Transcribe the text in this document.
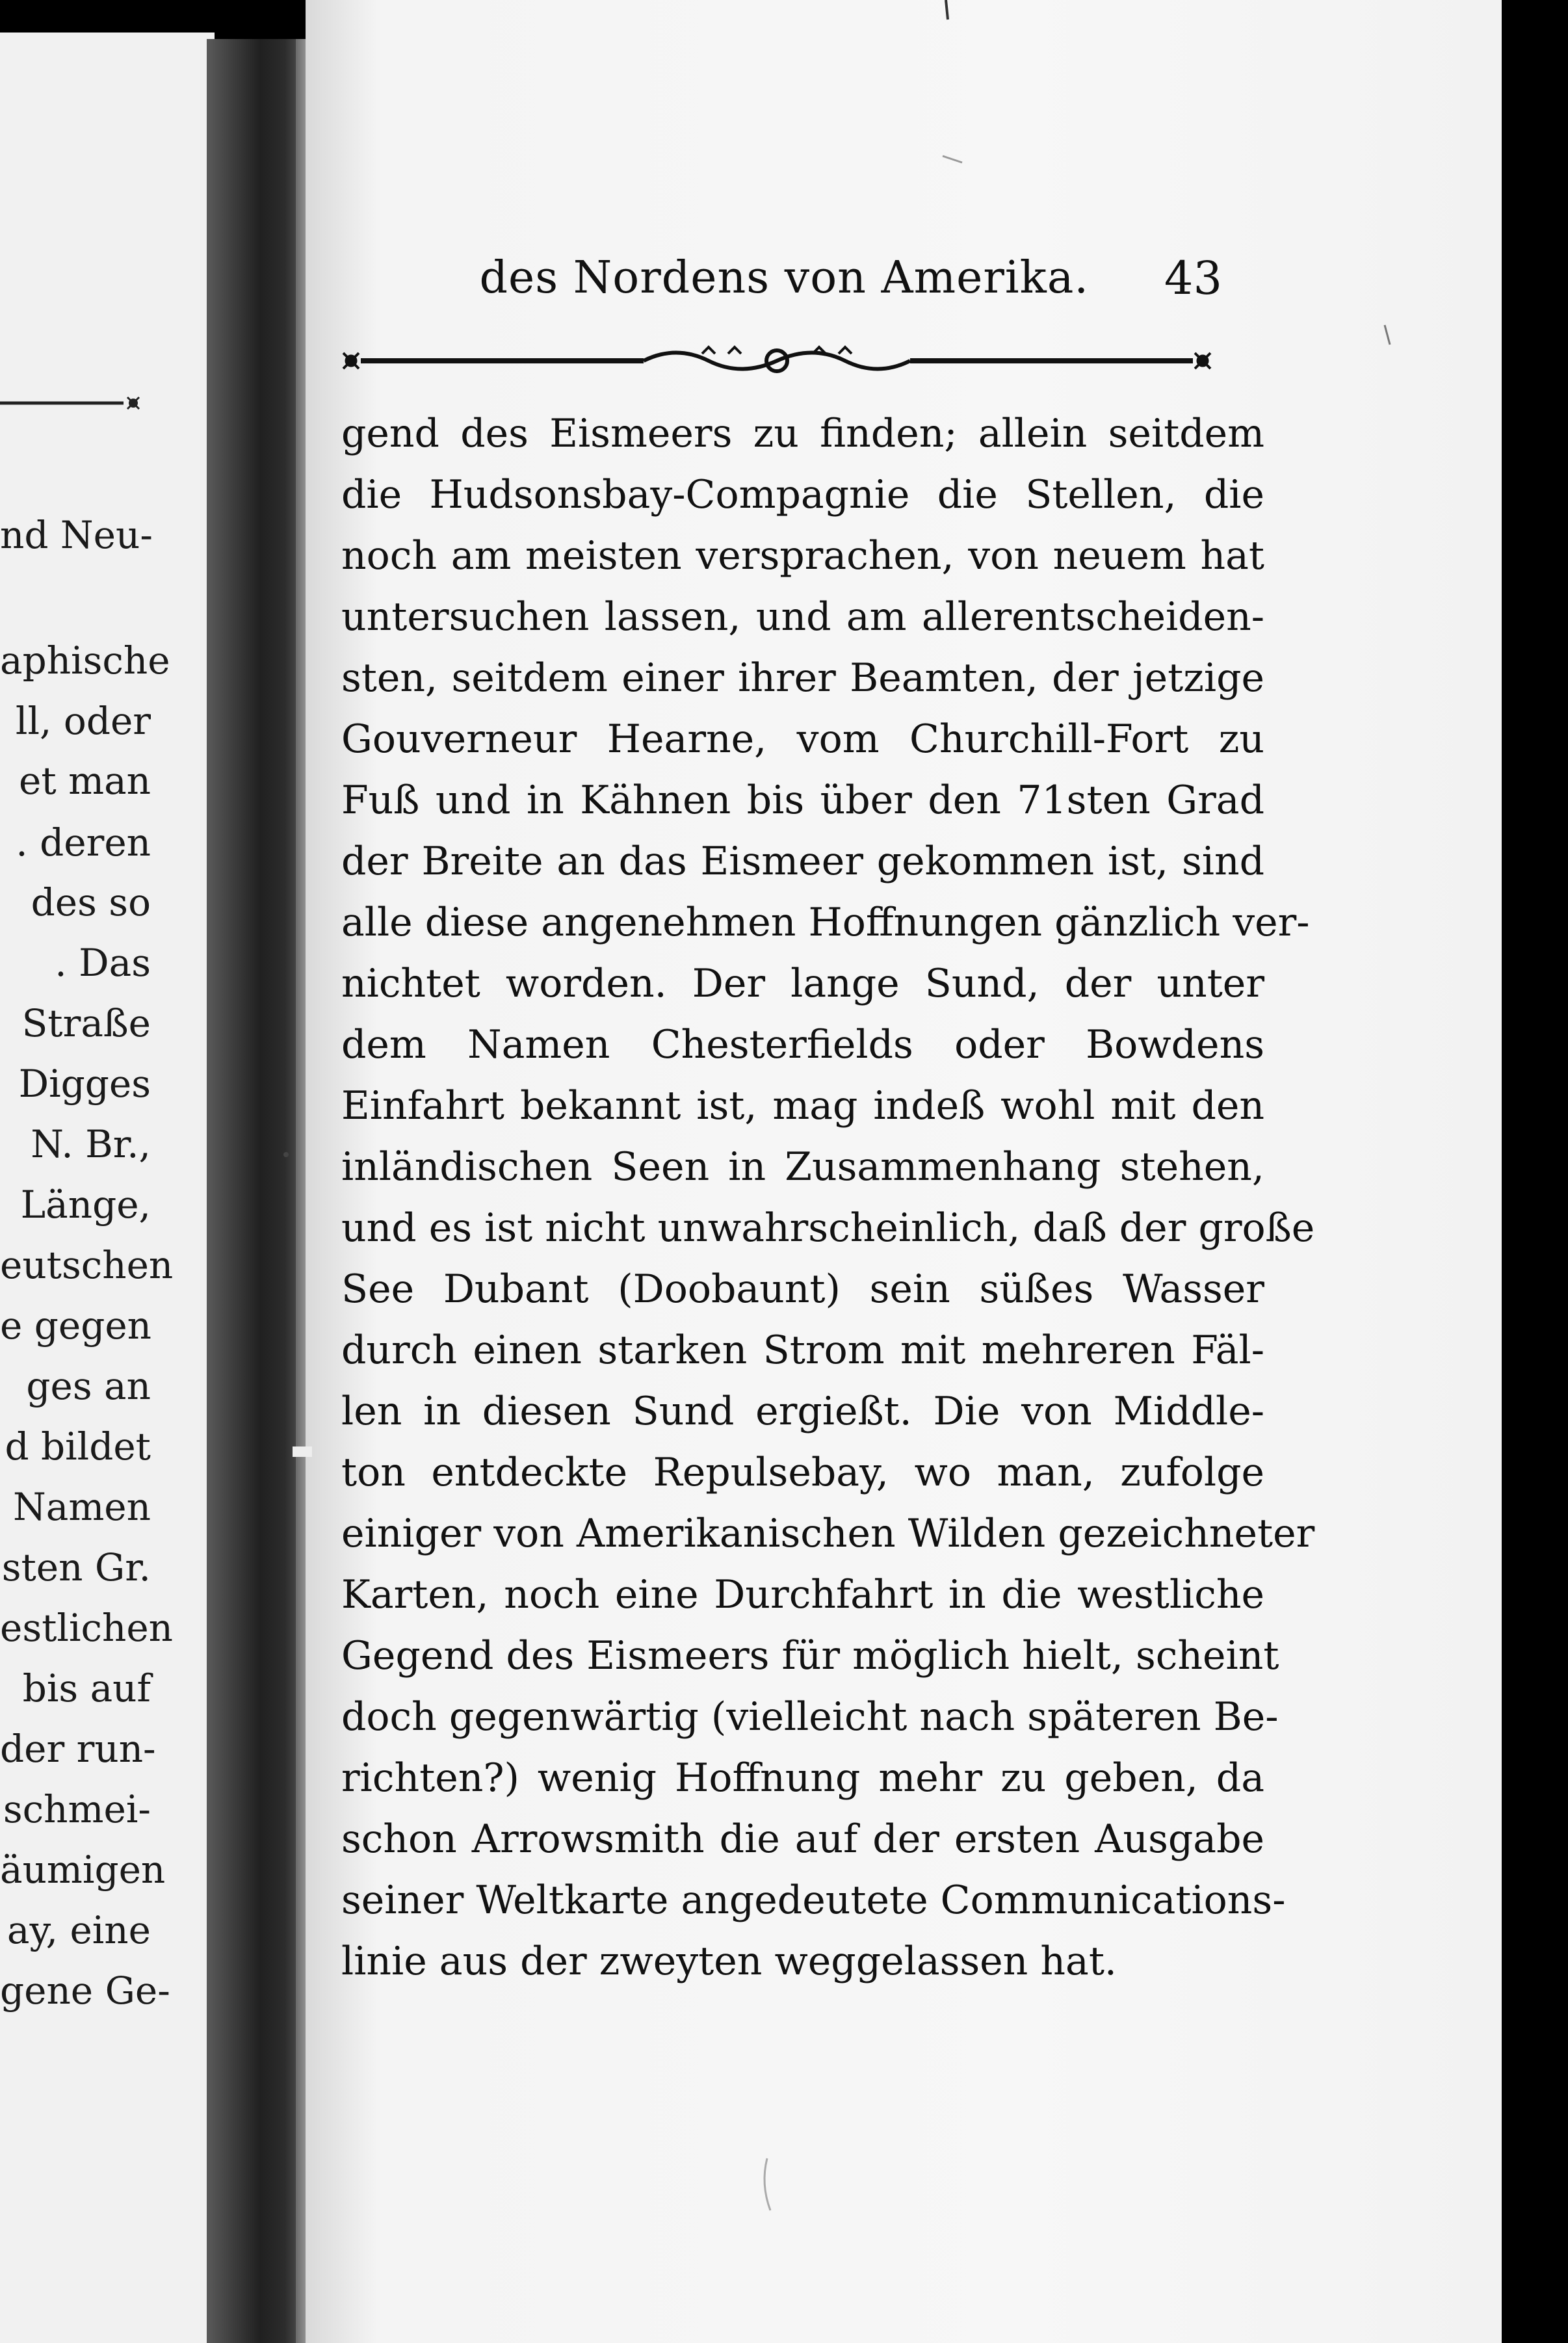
nd Neu-
aphische
ll, oder
et man
. deren
des so
. Das
Straße
Digges
N. Br.,
Länge,
eutschen
e gegen
ges an
d bildet
Namen
sten Gr.
estlichen
bis auf
der run-
schmei-
äumigen
ay, eine
gene Ge-
des Nordens von Amerika.	43
gend des Eismeers zu finden; allein seitdem
die Hudsonsbay-Compagnie die Stellen, die
noch am meisten versprachen, von neuem hat
untersuchen lassen, und am allerentscheiden-
sten, seitdem einer ihrer Beamten, der jetzige
Gouverneur Hearne, vom Churchill-Fort zu
Fuß und in Kähnen bis über den 71sten Grad
der Breite an das Eismeer gekommen ist, sind
alle diese angenehmen Hoffnungen gänzlich ver-
nichtet worden. Der lange Sund, der unter
dem Namen Chesterfields oder Bowdens
Einfahrt bekannt ist, mag indeß wohl mit den
inländischen Seen in Zusammenhang stehen,
und es ist nicht unwahrscheinlich, daß der große
See Dubant (Doobaunt) sein süßes Wasser
durch einen starken Strom mit mehreren Fäl-
len in diesen Sund ergießt. Die von Middle-
ton entdeckte Repulsebay, wo man, zufolge
einiger von Amerikanischen Wilden gezeichneter
Karten, noch eine Durchfahrt in die westliche
Gegend des Eismeers für möglich hielt, scheint
doch gegenwärtig (vielleicht nach späteren Be-
richten?) wenig Hoffnung mehr zu geben, da
schon Arrowsmith die auf der ersten Ausgabe
seiner Weltkarte angedeutete Communications-
linie aus der zweyten weggelassen hat.
